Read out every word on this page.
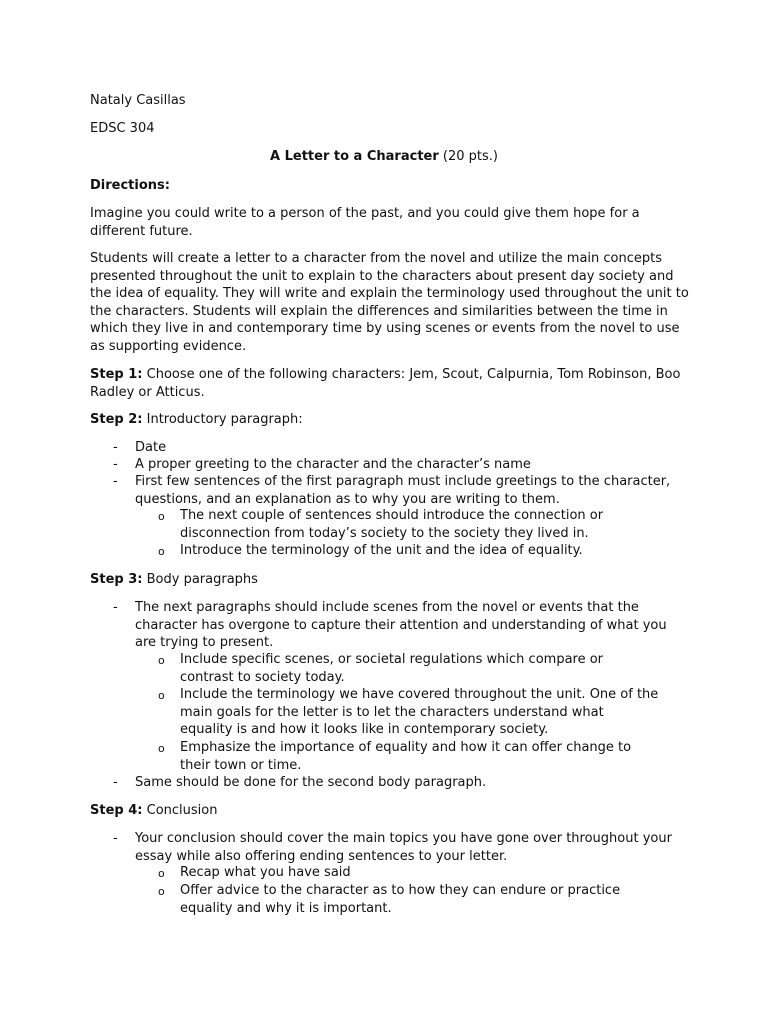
Nataly Casillas

EDSC 304

A Letter to a Character (20 pts.)

Directions:

Imagine you could write to a person of the past, and you could give them hope for a different future.

Students will create a letter to a character from the novel and utilize the main concepts presented throughout the unit to explain to the characters about present day society and the idea of equality. They will write and explain the terminology used throughout the unit to the characters. Students will explain the differences and similarities between the time in which they live in and contemporary time by using scenes or events from the novel to use as supporting evidence.

Step 1: Choose one of the following characters: Jem, Scout, Calpurnia, Tom Robinson, Boo Radley or Atticus.

Step 2: Introductory paragraph:

- Date

- A proper greeting to the character and the character’s name

- First few sentences of the first paragraph must include greetings to the character, questions, and an explanation as to why you are writing to them.

o The next couple of sentences should introduce the connection or disconnection from today’s society to the society they lived in.

o Introduce the terminology of the unit and the idea of equality.

Step 3: Body paragraphs

- The next paragraphs should include scenes from the novel or events that the character has overgone to capture their attention and understanding of what you are trying to present.

o Include specific scenes, or societal regulations which compare or contrast to society today.

o Include the terminology we have covered throughout the unit. One of the main goals for the letter is to let the characters understand what equality is and how it looks like in contemporary society.

o Emphasize the importance of equality and how it can offer change to their town or time.

- Same should be done for the second body paragraph.

Step 4: Conclusion

- Your conclusion should cover the main topics you have gone over throughout your essay while also offering ending sentences to your letter.

o Recap what you have said

o Offer advice to the character as to how they can endure or practice equality and why it is important.
